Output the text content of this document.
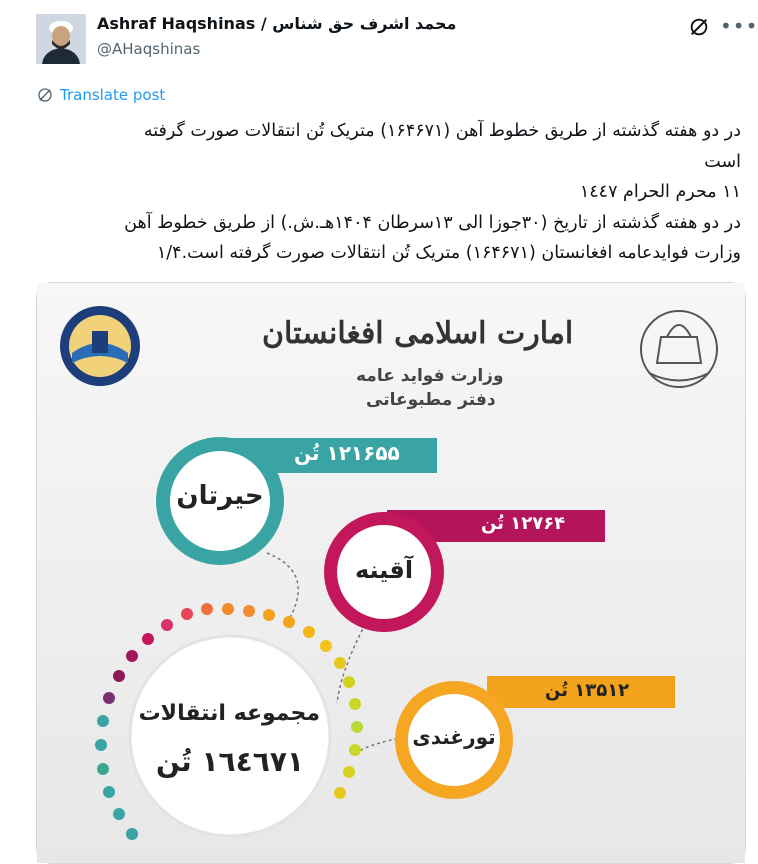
Ashraf Haqshinas / محمد اشرف حق شناس
@AHaqshinas
•••
Translate post
در دو هفته گذشته از طریق خطوط آهن (۱۶۴۶۷۱) متریک تُن انتقالات صورت گرفته
است
١١ محرم الحرام ١٤٤٧
در دو هفته گذشته از تاریخ (۳۰جوزا الی ۱۳سرطان ۱۴۰۴هـ.ش.) از طریق خطوط آهن
وزارت فوایدعامه افغانستان (۱۶۴۶۷۱) متریک تُن انتقالات صورت گرفته است.۱/۴
امارت اسلامی افغانستان
وزارت فواید عامه
دفتر مطبوعاتی
۱۲۱۶۵۵ تُن
حیرتان
۱۲۷۶۴ تُن
آقینه
۱۳۵۱۲ تُن
تورغندی
مجموعه انتقالات
١٦٤٦٧١ تُن
